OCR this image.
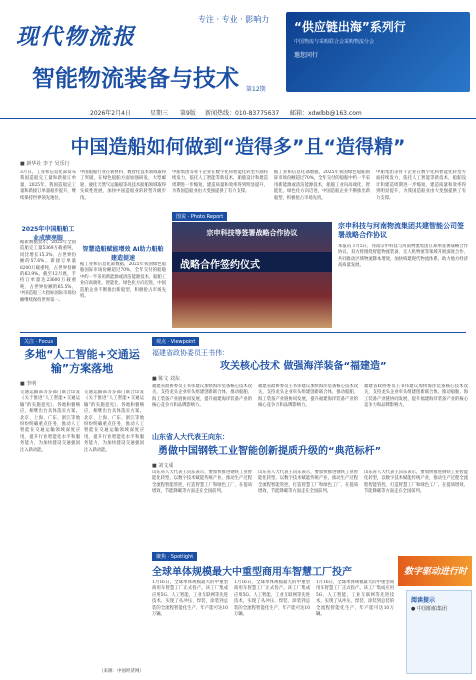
现代物流报
专注 · 专业 · 影响力
智能物流装备与技术 第12期
“供应链出海”系列行
中国物流与采购联合会采购物流分会
邀您同行
2026年2月4日	星期三 第9版 新闻热线：010-83775637 邮箱：xdwlbb@163.com
中国造船如何做到“造得多”且“造得精”
■ 新华社 李子 吴乐行
3月日，工业和信息化部发布我国造船完工量和新接订单量，2025年，我国造船完工量和新接订单量稳步提升，继续保持世界领先地位。
2025年中国船舶工业成绩亮眼
据新数据显示，2025年全国造船完工量5369万载重吨，同比增长15.3%，占世界份额的57.6%。新接订单量8200万载重吨，占世界份额的63.9%。截至12月底，手持订单量达23600万载重吨，占世界份额的65.5%，中国造船三大指标国际市场份额继续保持世界第一。
中国船舶行业在新材料、数智化技术领域取得了突破，在绿色船舶方面加强研发，大型邮轮、液化天然气运输船等高技术船舶领域取得实质性进展，加快中国造船业的转型升级步伐。
智慧造船赋能增效 AI助力船舶建造提速
据工业和信息化部数据，2025年我国绿色船舶国际市场份额超过70%，全年交付的船舶中约一半采用新能源或清洁能源技术，船舶工业向高端化、智能化、绿色化方向迈进，中国造船企业不断推出新船型，积极抢占市场先机。
中船集团等骨干企业在数字化和智能化转型方面持续发力，依托人工智能等新技术，船舶设计和建造周期进一步缩短，建造质量和效率得到明显提升，为我国造船业由大变强提供了有力支撑。
据工业和信息化部数据，2025年我国绿色船舶国际市场份额超过70%，全年交付的船舶中约一半采用新能源或清洁能源技术，船舶工业向高端化、智能化、绿色化方向迈进，中国造船企业不断推出新船型，积极抢占市场先机。
中船集团等骨干企业在数字化和智能化转型方面持续发力，依托人工智能等新技术，船舶设计和建造周期进一步缩短，建造质量和效率得到明显提升，为我国造船业由大变强提供了有力支撑。
图说 · Photo Report
宗申科技等签署战略合作协议
战略合作签约仪式
宗申科技与河南物流集团共建智能公司签署战略合作协议
本报讯 1月5日，河南宗申科技与河南物流集团在郑州签署战略合作协议，双方将围绕智能物流装备、无人机物流等领域开展深度合作，共同推动区域物流降本增效，加快构建现代物流体系，助力地方经济高质量发展。
关注 · Focus
多地“人工智能+交通运输”方案落地
■ 李明
交通运输部等多部门联合印发《关于推进“人工智能+交通运输”的实施意见》，各地积极响应，相继出台具体落实方案。北京、上海、广东、浙江等地纷纷明确重点任务，推动人工智能在交通运输领域深度应用，提升行业智能化水平和服务能力，为加快建设交通强国注入新动能。
交通运输部等多部门联合印发《关于推进“人工智能+交通运输”的实施意见》，各地积极响应，相继出台具体落实方案。北京、上海、广东、浙江等地纷纷明确重点任务，推动人工智能在交通运输领域深度应用，提升行业智能化水平和服务能力，为加快建设交通强国注入新动能。
（来源：中国经济网）
观点 · Viewpoint
福建省政协委员王书伟：
攻关核心技术 做强海洋装备“福建造”
■ 陈文 刘东
福建省政协委员王书伟建议加快海洋装备核心技术攻关，支持龙头企业牵头组建创新联合体，推动船舶、海工装备产业链协同发展，提升福建海洋装备产业的核心竞争力和品牌影响力。
福建省政协委员王书伟建议加快海洋装备核心技术攻关，支持龙头企业牵头组建创新联合体，推动船舶、海工装备产业链协同发展，提升福建海洋装备产业的核心竞争力和品牌影响力。
福建省政协委员王书伟建议加快海洋装备核心技术攻关，支持龙头企业牵头组建创新联合体，推动船舶、海工装备产业链协同发展，提升福建海洋装备产业的核心竞争力和品牌影响力。
山东省人大代表王向东：
勇做中国钢铁工业智能创新提质升级的“典范标杆”
■ 刘文成
山东省人大代表王向东表示，要加快推进钢铁工业智能化转型，以数字技术赋能传统产业，推动生产过程全流程智能管控，打造智慧工厂和绿色工厂，在提质增效、节能降碳等方面走在全国前列。
山东省人大代表王向东表示，要加快推进钢铁工业智能化转型，以数字技术赋能传统产业，推动生产过程全流程智能管控，打造智慧工厂和绿色工厂，在提质增效、节能降碳等方面走在全国前列。
山东省人大代表王向东表示，要加快推进钢铁工业智能化转型，以数字技术赋能传统产业，推动生产过程全流程智能管控，打造智慧工厂和绿色工厂，在提质增效、节能降碳等方面走在全国前列。
聚焦 · Spotlight
全球单体规模最大中重型商用车智慧工厂投产
1月16日，全球单体规模最大的中重型商用车智慧工厂正式投产。该工厂集成应用5G、人工智能、工业互联网等先进技术，实现了从冲压、焊装、涂装到总装的全流程智能化生产，年产能可达10万辆。
1月16日，全球单体规模最大的中重型商用车智慧工厂正式投产。该工厂集成应用5G、人工智能、工业互联网等先进技术，实现了从冲压、焊装、涂装到总装的全流程智能化生产，年产能可达10万辆。
1月16日，全球单体规模最大的中重型商用车智慧工厂正式投产。该工厂集成应用5G、人工智能、工业互联网等先进技术，实现了从冲压、焊装、涂装到总装的全流程智能化生产，年产能可达10万辆。
数字驱动进行时
阅读提示
● 中国船舶集团
